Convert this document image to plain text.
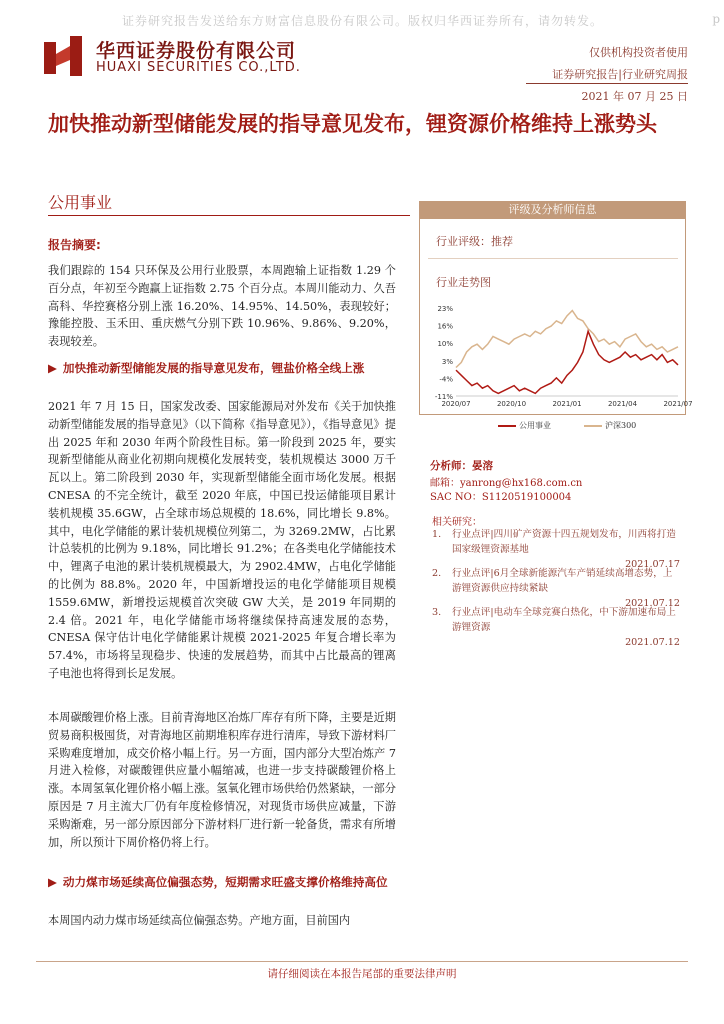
证券研究报告发送给东方财富信息股份有限公司。版权归华西证券所有，请勿转发。	p
华西证券股份有限公司
HUAXI SECURITIES CO.,LTD.
仅供机构投资者使用
证券研究报告|行业研究周报
2021 年 07 月 25 日
加快推动新型储能发展的指导意见发布，锂资源价格维持上涨势头
公用事业
报告摘要:
我们跟踪的 154 只环保及公用行业股票，本周跑输上证指数 1.29 个百分点，年初至今跑赢上证指数 2.75 个百分点。本周川能动力、久吾高科、华控赛格分别上涨 16.20%、14.95%、14.50%，表现较好；豫能控股、玉禾田、重庆燃气分别下跌 10.96%、9.86%、9.20%，表现较差。
▶ 加快推动新型储能发展的指导意见发布，锂盐价格全线上涨
2021 年 7 月 15 日，国家发改委、国家能源局对外发布《关于加快推动新型储能发展的指导意见》（以下简称《指导意见》），《指导意见》提出 2025 年和 2030 年两个阶段性目标。第一阶段到 2025 年，要实现新型储能从商业化初期向规模化发展转变，装机规模达 3000 万千瓦以上。第二阶段到 2030 年，实现新型储能全面市场化发展。根据 CNESA 的不完全统计，截至 2020 年底，中国已投运储能项目累计装机规模 35.6GW，占全球市场总规模的 18.6%，同比增长 9.8%。其中，电化学储能的累计装机规模位列第二，为 3269.2MW，占比累计总装机的比例为 9.18%，同比增长 91.2%；在各类电化学储能技术中，锂离子电池的累计装机规模最大，为 2902.4MW，占电化学储能的比例为 88.8%。2020 年，中国新增投运的电化学储能项目规模 1559.6MW，新增投运规模首次突破 GW 大关，是 2019 年同期的 2.4 倍。2021 年，电化学储能市场将继续保持高速发展的态势，CNESA 保守估计电化学储能累计规模 2021-2025 年复合增长率为 57.4%，市场将呈现稳步、快速的发展趋势，而其中占比最高的锂离子电池也将得到长足发展。
本周碳酸锂价格上涨。目前青海地区冶炼厂库存有所下降，主要是近期贸易商积极囤货，对青海地区前期堆积库存进行清库，导致下游材料厂采购难度增加，成交价格小幅上行。另一方面，国内部分大型冶炼产 7 月进入检修，对碳酸锂供应量小幅缩减，也进一步支持碳酸锂价格上涨。本周氢氧化锂价格小幅上涨。氢氧化锂市场供给仍然紧缺，一部分原因是 7 月主流大厂仍有年度检修情况，对现货市场供应减量，下游采购渐难，另一部分原因部分下游材料厂进行新一轮备货，需求有所增加，所以预计下周价格仍将上行。
▶ 动力煤市场延续高位偏强态势，短期需求旺盛支撑价格维持高位
本周国内动力煤市场延续高位偏强态势。产地方面，目前国内
评级及分析师信息
行业评级：推荐
行业走势图
23%
16%
10%
3%
-4%
-11%
2020/07	2020/10	2021/01	2021/04	2021/07
公用事业	沪深300
分析师：晏溶
邮箱：yanrong@hx168.com.cn
SAC NO：S1120519100004
相关研究：
1. 行业点评|四川矿产资源十四五规划发布，川西将打造国家级锂资源基地
2021.07.17
2. 行业点评|6月全球新能源汽车产销延续高增态势，上游锂资源供应持续紧缺
2021.07.12
3. 行业点评|电动车全球竞赛白热化，中下游加速布局上游锂资源
2021.07.12
请仔细阅读在本报告尾部的重要法律声明
